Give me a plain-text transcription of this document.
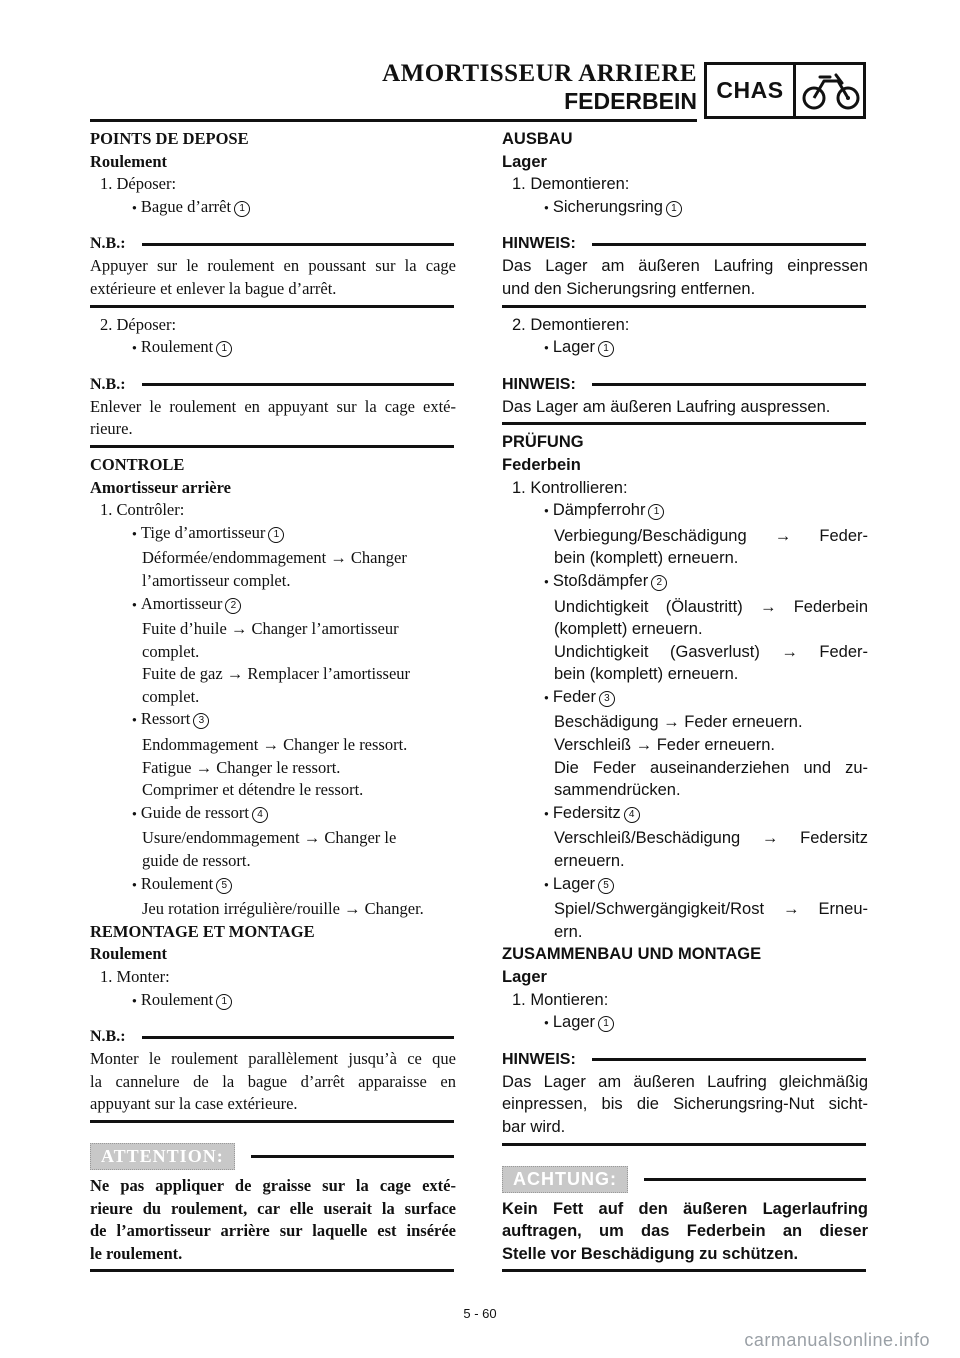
AMORTISSEUR ARRIERE
FEDERBEIN CHAS
POINTS DE DEPOSE
Roulement
1. Déposer:
● Bague d’arrêt 1
N.B.:
Appuyer sur le roulement en poussant sur la cage
extérieure et enlever la bague d’arrêt.
2. Déposer:
● Roulement 1
N.B.:
Enlever le roulement en appuyant sur la cage exté-
rieure.
CONTROLE
Amortisseur arrière
1. Contrôler:
● Tige d’amortisseur 1
Déformée/endommagement → Changer
l’amortisseur complet.
● Amortisseur 2
Fuite d’huile → Changer l’amortisseur
complet.
Fuite de gaz → Remplacer l’amortisseur
complet.
● Ressort 3
Endommagement → Changer le ressort.
Fatigue → Changer le ressort.
Comprimer et détendre le ressort.
● Guide de ressort 4
Usure/endommagement → Changer le
guide de ressort.
● Roulement 5
Jeu rotation irrégulière/rouille → Changer.
REMONTAGE ET MONTAGE
Roulement
1. Monter:
● Roulement 1
N.B.:
Monter le roulement parallèlement jusqu’à ce que
la cannelure de la bague d’arrêt apparaisse en
appuyant sur la case extérieure.
ATTENTION:
Ne pas appliquer de graisse sur la cage exté-
rieure du roulement, car elle userait la surface
de l’amortisseur arrière sur laquelle est insérée
le roulement.
AUSBAU
Lager
1. Demontieren:
● Sicherungsring 1
HINWEIS:
Das Lager am äußeren Laufring einpressen
und den Sicherungsring entfernen.
2. Demontieren:
● Lager 1
HINWEIS:
Das Lager am äußeren Laufring auspressen.
PRÜFUNG
Federbein
1. Kontrollieren:
● Dämpferrohr 1
Verbiegung/Beschädigung → Feder-
bein (komplett) erneuern.
● Stoßdämpfer 2
Undichtigkeit (Ölaustritt) → Federbein
(komplett) erneuern.
Undichtigkeit (Gasverlust) → Feder-
bein (komplett) erneuern.
● Feder 3
Beschädigung → Feder erneuern.
Verschleiß → Feder erneuern.
Die Feder auseinanderziehen und zu-
sammendrücken.
● Federsitz 4
Verschleiß/Beschädigung → Federsitz
erneuern.
● Lager 5
Spiel/Schwergängigkeit/Rost → Erneu-
ern.
ZUSAMMENBAU UND MONTAGE
Lager
1. Montieren:
● Lager 1
HINWEIS:
Das Lager am äußeren Laufring gleichmäßig
einpressen, bis die Sicherungsring-Nut sicht-
bar wird.
ACHTUNG:
Kein Fett auf den äußeren Lagerlaufring
auftragen, um das Federbein an dieser
Stelle vor Beschädigung zu schützen.
5 - 60
carmanualsonline.info
